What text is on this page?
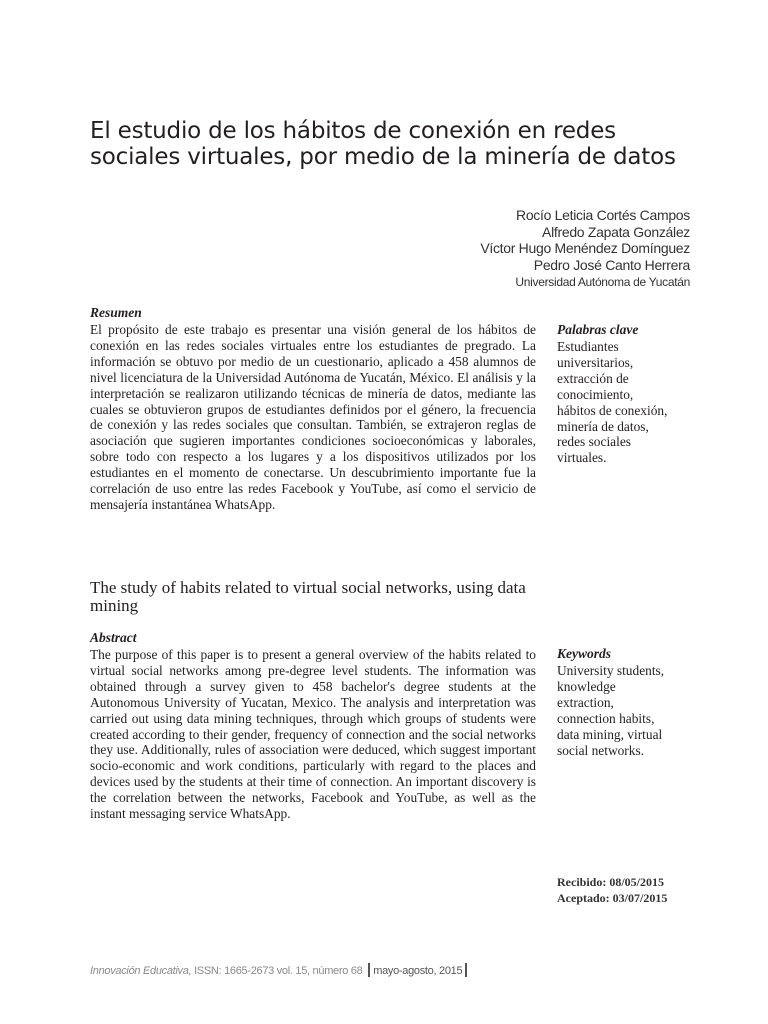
El estudio de los hábitos de conexión en redes sociales virtuales, por medio de la minería de datos
Rocío Leticia Cortés Campos
Alfredo Zapata González
Víctor Hugo Menéndez Domínguez
Pedro José Canto Herrera
Universidad Autónoma de Yucatán
Resumen
El propósito de este trabajo es presentar una visión general de los hábitos de conexión en las redes sociales virtuales entre los estudiantes de pregrado. La información se obtuvo por medio de un cuestionario, aplicado a 458 alumnos de nivel licenciatura de la Universidad Autónoma de Yucatán, México. El análisis y la interpretación se realizaron utilizando técnicas de minería de datos, mediante las cuales se obtuvieron grupos de estudiantes definidos por el género, la frecuencia de conexión y las redes sociales que consultan. También, se extrajeron reglas de asociación que sugieren importantes condiciones socioeconómicas y laborales, sobre todo con respecto a los lugares y a los dispositivos utilizados por los estudiantes en el momento de conectarse. Un descubrimiento importante fue la correlación de uso entre las redes Facebook y YouTube, así como el servicio de mensajería instantánea WhatsApp.
Palabras clave
Estudiantes
universitarios,
extracción de
conocimiento,
hábitos de conexión,
minería de datos,
redes sociales
virtuales.
The study of habits related to virtual social networks, using data mining
Abstract
The purpose of this paper is to present a general overview of the habits related to virtual social networks among pre-degree level students. The information was obtained through a survey given to 458 bachelor's degree students at the Autonomous University of Yucatan, Mexico. The analysis and interpretation was carried out using data mining techniques, through which groups of students were created according to their gender, frequency of connection and the social networks they use. Additionally, rules of association were deduced, which suggest important socio-economic and work conditions, particularly with regard to the places and devices used by the students at their time of connection. An important discovery is the correlation between the networks, Facebook and YouTube, as well as the instant messaging service WhatsApp.
Keywords
University students,
knowledge
extraction,
connection habits,
data mining, virtual
social networks.
Recibido: 08/05/2015
Aceptado: 03/07/2015
Innovación Educativa, ISSN: 1665-2673 vol. 15, número 68 mayo-agosto, 2015
